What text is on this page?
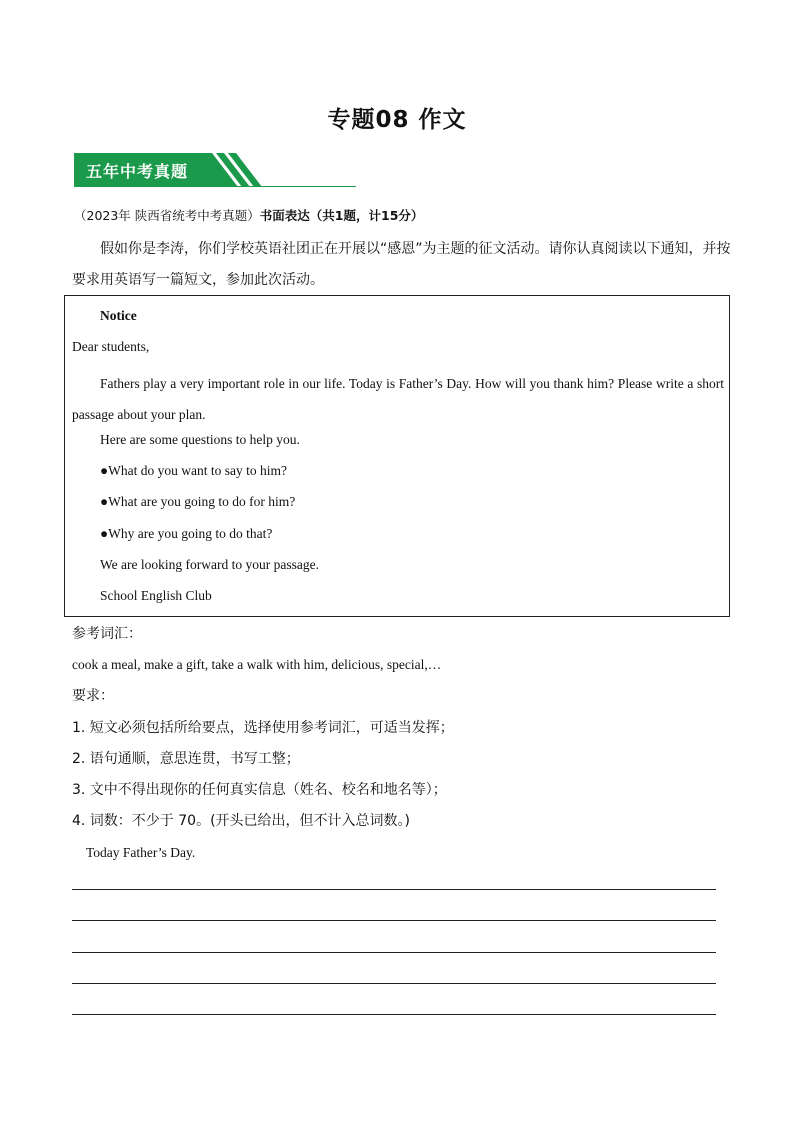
专题08 作文
五年中考真题
（2023年 陕西省统考中考真题）书面表达（共1题，计15分）
假如你是李涛，你们学校英语社团正在开展以“感恩”为主题的征文活动。请你认真阅读以下通知，并按要求用英语写一篇短文，参加此次活动。
Notice
Dear students,
Fathers play a very important role in our life. Today is Father’s Day. How will you thank him? Please write a short passage about your plan.
Here are some questions to help you.
●What do you want to say to him?
●What are you going to do for him?
●Why are you going to do that?
We are looking forward to your passage.
School English Club
参考词汇：
cook a meal, make a gift, take a walk with him, delicious, special,…
要求：
1. 短文必须包括所给要点，选择使用参考词汇，可适当发挥；
2. 语句通顺，意思连贯，书写工整；
3. 文中不得出现你的任何真实信息（姓名、校名和地名等）；
4. 词数：不少于 70。(开头已给出，但不计入总词数。)
Today Father’s Day.
